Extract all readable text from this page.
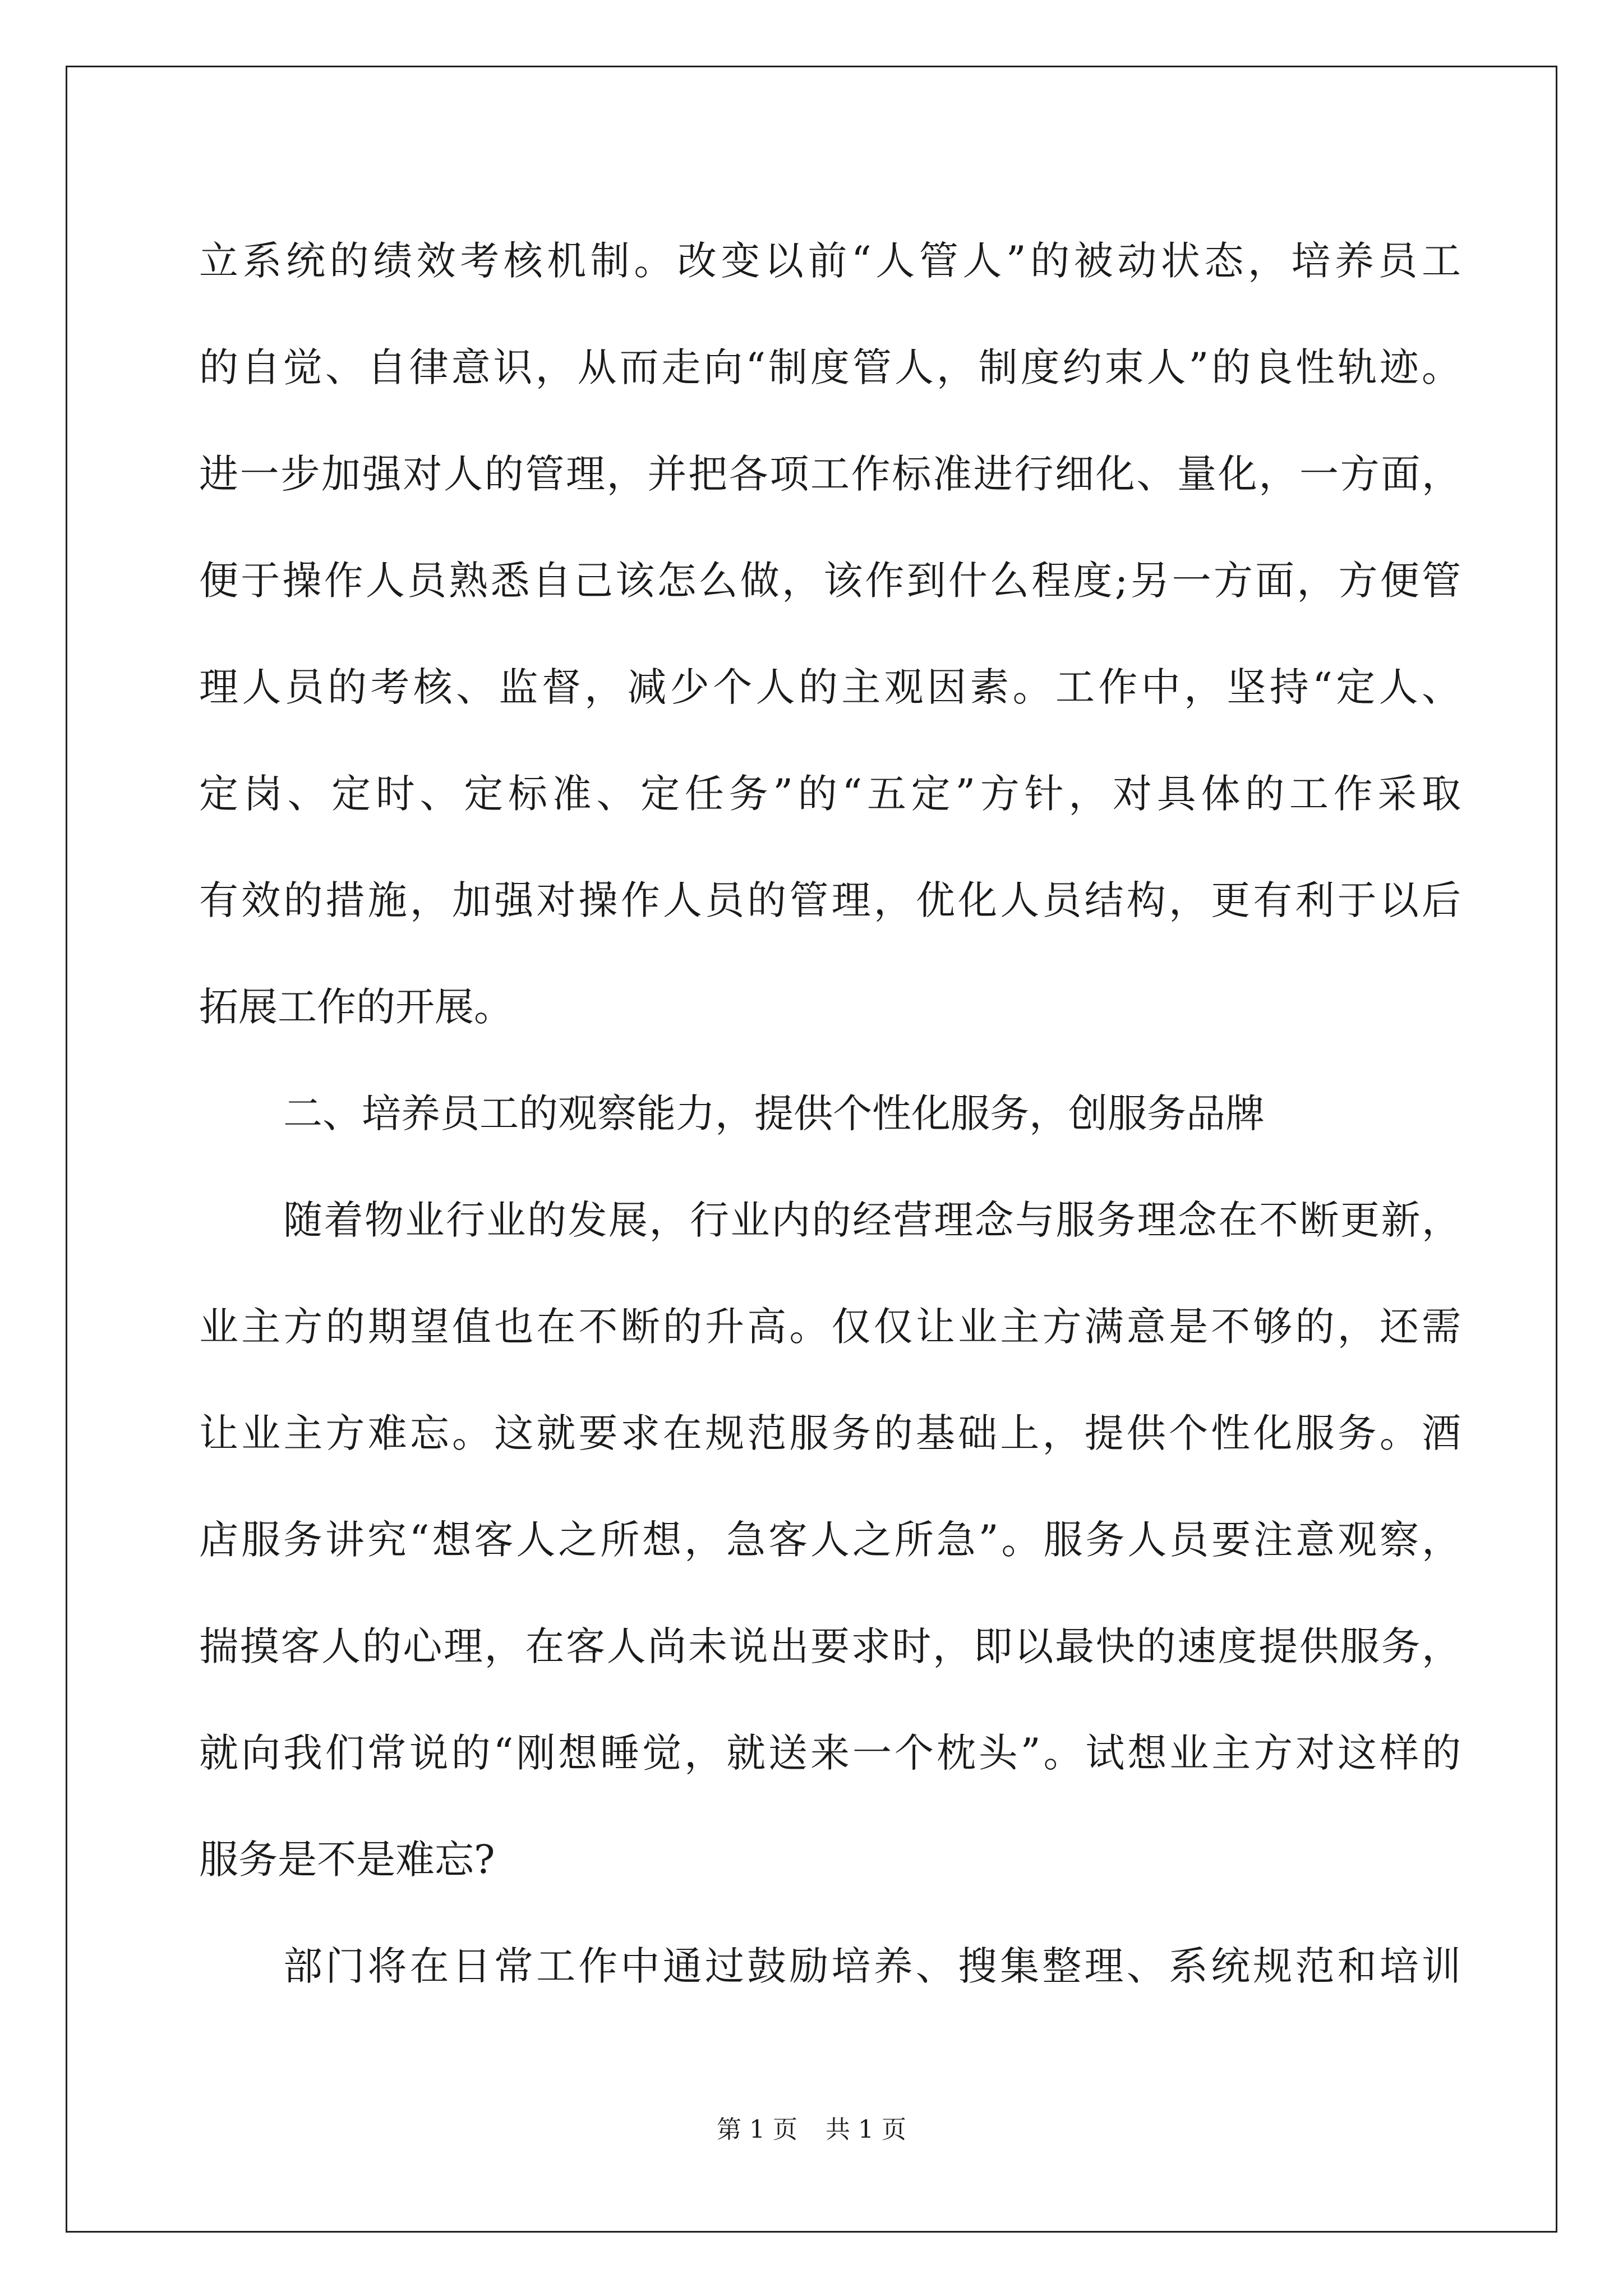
立系统的绩效考核机制。改变以前“人管人”的被动状态，培养员工
的自觉、自律意识，从而走向“制度管人，制度约束人”的良性轨迹。
进一步加强对人的管理，并把各项工作标准进行细化、量化，一方面，
便于操作人员熟悉自己该怎么做，该作到什么程度;另一方面，方便管
理人员的考核、监督，减少个人的主观因素。工作中，坚持“定人、
定岗、定时、定标准、定任务”的“五定”方针，对具体的工作采取
有效的措施，加强对操作人员的管理，优化人员结构，更有利于以后
拓展工作的开展。
二、培养员工的观察能力，提供个性化服务，创服务品牌
随着物业行业的发展，行业内的经营理念与服务理念在不断更新，
业主方的期望值也在不断的升高。仅仅让业主方满意是不够的，还需
让业主方难忘。这就要求在规范服务的基础上，提供个性化服务。酒
店服务讲究“想客人之所想，急客人之所急”。服务人员要注意观察，
揣摸客人的心理，在客人尚未说出要求时，即以最快的速度提供服务，
就向我们常说的“刚想睡觉，就送来一个枕头”。试想业主方对这样的
服务是不是难忘?
部门将在日常工作中通过鼓励培养、搜集整理、系统规范和培训
第 1 页 共 1 页
